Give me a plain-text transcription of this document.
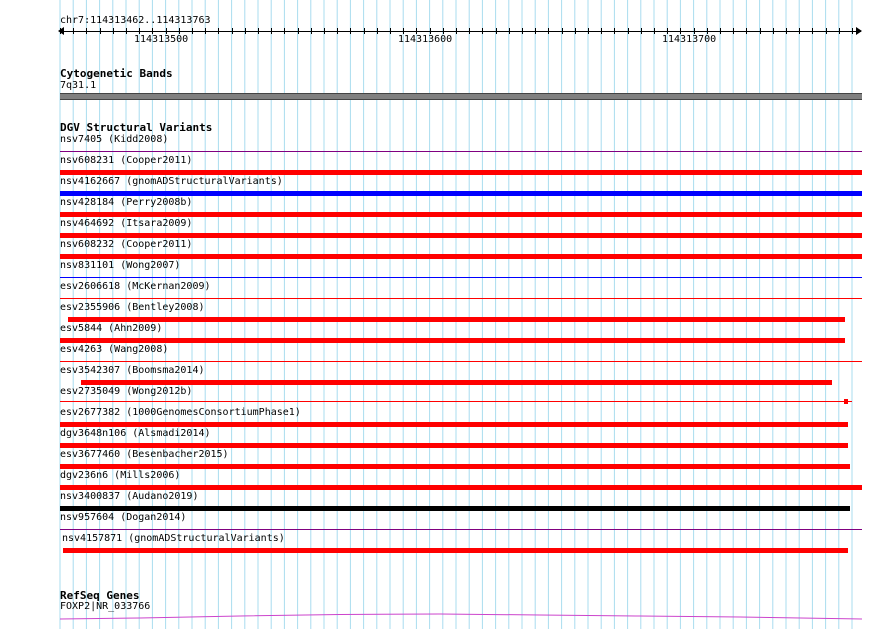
chr7:114313462..114313763
114313500	114313600	114313700
Cytogenetic Bands
7q31.1
DGV Structural Variants
nsv7405 (Kidd2008)
nsv608231 (Cooper2011)
nsv4162667 (gnomADStructuralVariants)
nsv428184 (Perry2008b)
nsv464692 (Itsara2009)
nsv608232 (Cooper2011)
nsv831101 (Wong2007)
esv2606618 (McKernan2009)
esv2355906 (Bentley2008)
esv5844 (Ahn2009)
esv4263 (Wang2008)
esv3542307 (Boomsma2014)
esv2735049 (Wong2012b)
esv2677382 (1000GenomesConsortiumPhase1)
dgv3648n106 (Alsmadi2014)
esv3677460 (Besenbacher2015)
dgv236n6 (Mills2006)
nsv3400837 (Audano2019)
nsv957604 (Dogan2014)
nsv4157871 (gnomADStructuralVariants)
RefSeq Genes
FOXP2|NR_033766
